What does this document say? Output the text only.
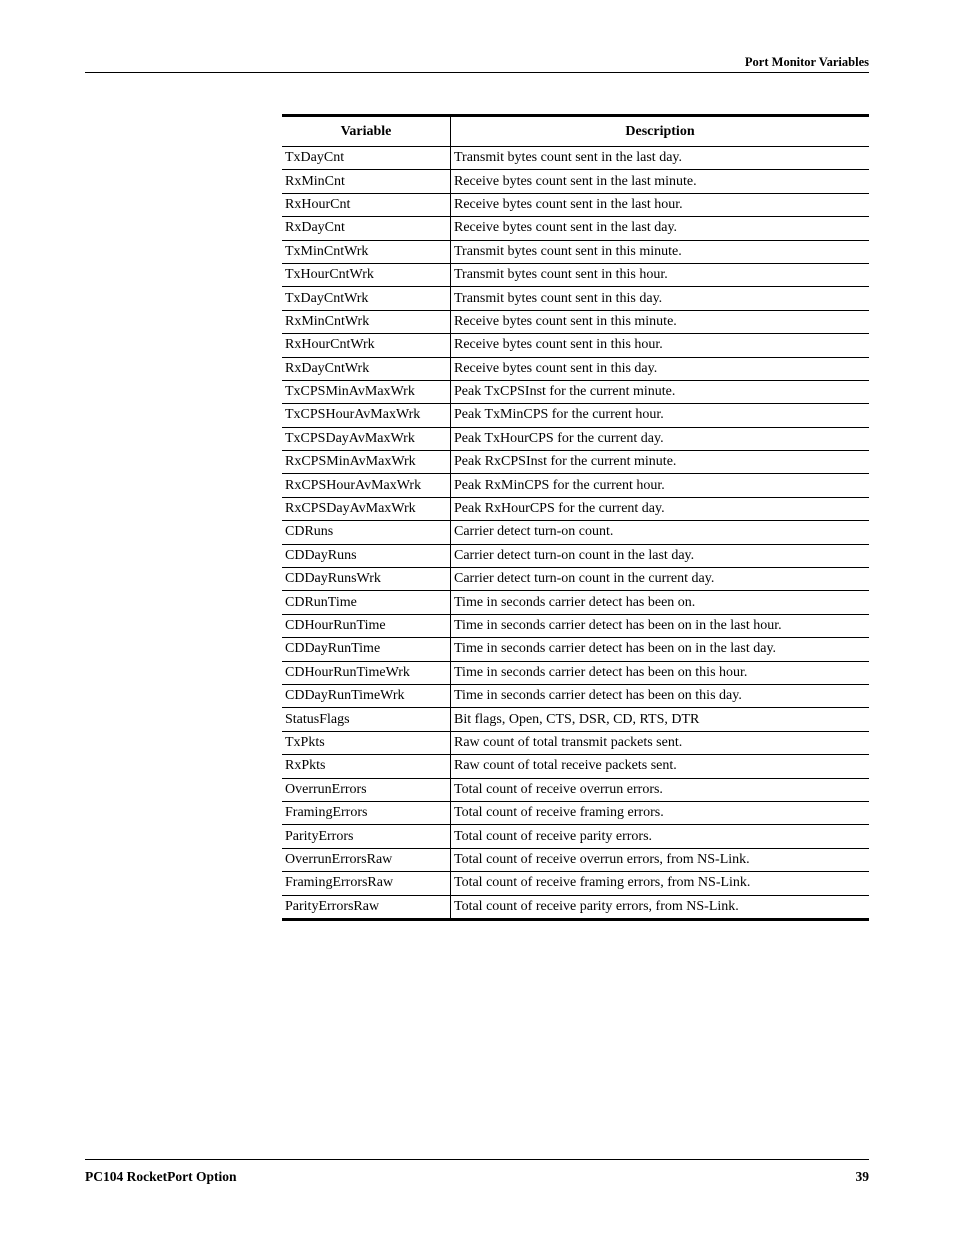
Port Monitor Variables
Variable	Description
TxDayCnt	Transmit bytes count sent in the last day.
RxMinCnt	Receive bytes count sent in the last minute.
RxHourCnt	Receive bytes count sent in the last hour.
RxDayCnt	Receive bytes count sent in the last day.
TxMinCntWrk	Transmit bytes count sent in this minute.
TxHourCntWrk	Transmit bytes count sent in this hour.
TxDayCntWrk	Transmit bytes count sent in this day.
RxMinCntWrk	Receive bytes count sent in this minute.
RxHourCntWrk	Receive bytes count sent in this hour.
RxDayCntWrk	Receive bytes count sent in this day.
TxCPSMinAvMaxWrk	Peak TxCPSInst for the current minute.
TxCPSHourAvMaxWrk	Peak TxMinCPS for the current hour.
TxCPSDayAvMaxWrk	Peak TxHourCPS for the current day.
RxCPSMinAvMaxWrk	Peak RxCPSInst for the current minute.
RxCPSHourAvMaxWrk	Peak RxMinCPS for the current hour.
RxCPSDayAvMaxWrk	Peak RxHourCPS for the current day.
CDRuns	Carrier detect turn-on count.
CDDayRuns	Carrier detect turn-on count in the last day.
CDDayRunsWrk	Carrier detect turn-on count in the current day.
CDRunTime	Time in seconds carrier detect has been on.
CDHourRunTime	Time in seconds carrier detect has been on in the last hour.
CDDayRunTime	Time in seconds carrier detect has been on in the last day.
CDHourRunTimeWrk	Time in seconds carrier detect has been on this hour.
CDDayRunTimeWrk	Time in seconds carrier detect has been on this day.
StatusFlags	Bit flags, Open, CTS, DSR, CD, RTS, DTR
TxPkts	Raw count of total transmit packets sent.
RxPkts	Raw count of total receive packets sent.
OverrunErrors	Total count of receive overrun errors.
FramingErrors	Total count of receive framing errors.
ParityErrors	Total count of receive parity errors.
OverrunErrorsRaw	Total count of receive overrun errors, from NS-Link.
FramingErrorsRaw	Total count of receive framing errors, from NS-Link.
ParityErrorsRaw	Total count of receive parity errors, from NS-Link.
PC104 RocketPort Option	39
